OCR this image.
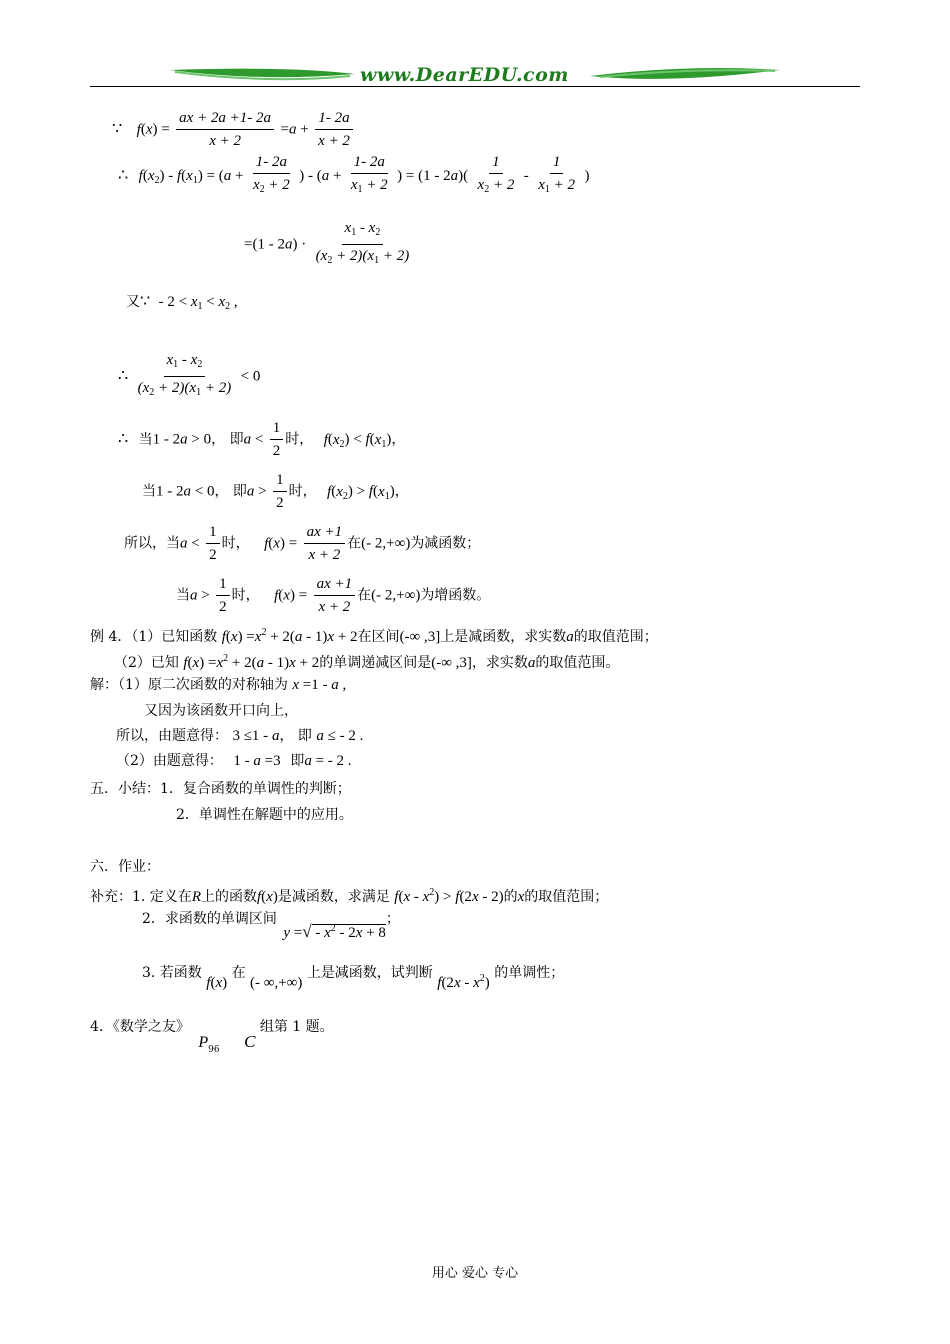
www.DearEDU.com
∵ $f(x) = \frac{ax + 2a +1- 2a}{x + 2} =a + \frac{1- 2a}{x + 2}$
∴ $f(x_2) - f(x_1) = (a + \frac{1- 2a}{x_2 + 2}$ ) - ($a + \frac{1- 2a}{x_1 + 2}$ ) = $(1 - 2a)( \frac{1}{x_2 + 2} - \frac{1}{x_1 + 2}$ )
$=(1 - 2a) \cdot \frac{x_1 - x_2}{(x_2 + 2)(x_1 + 2)}$
又∵ - $2 < x_1 < x_2$ ,
∴ $\frac{x_1 - x_2}{(x_2 + 2)(x_1 + 2)} < 0$
∴ 当1 - 2a > 0， 即$a < \frac{1}{2}$ 时， $f(x_2) < f(x_1)$，
当1 - 2a < 0， 即$a > \frac{1}{2}$ 时， $f(x_2) > f(x_1)$，
所以，当$a < \frac{1}{2}$ 时， $f(x) = \frac{ax +1}{x + 2}$ 在(- 2,+∞)为减函数；
当$a > \frac{1}{2}$ 时， $f(x) = \frac{ax +1}{x + 2}$ 在(- 2,+∞)为增函数。
例 4．（1）已知函数 $f(x) =x^2 + 2(a - 1)x + 2$在区间(-∞ ,3]上是减函数，求实数a的取值范围；
（2）已知 $f(x) =x^2 + 2(a - 1)x + 2$的单调递减区间是(-∞ ,3]，求实数a的取值范围。
解：（1）原二次函数的对称轴为 x =1 - a ,
又因为该函数开口向上，
所以，由题意得： 3 ≤1 - a， 即 a ≤ - 2 .
（2）由题意得： 1 - a =3 即a = - 2 .
五．小结：1．复合函数的单调性的判断；
2．单调性在解题中的应用。
六．作业：
补充：1. 定义在R上的函数f(x)是减函数，求满足 $f(x - x^2) > f(2x - 2)$的x的取值范围；
2．求函数的单调区间 y =√ - $x^2 - 2x + 8$；
3. 若函数 f(x) 在 (- ∞,+∞) 上是减函数，试判断 $f(2x - x^2)$ 的单调性；
4．《数学之友》 $P_{96}$ C 组第 1 题。
用心 爱心 专心
